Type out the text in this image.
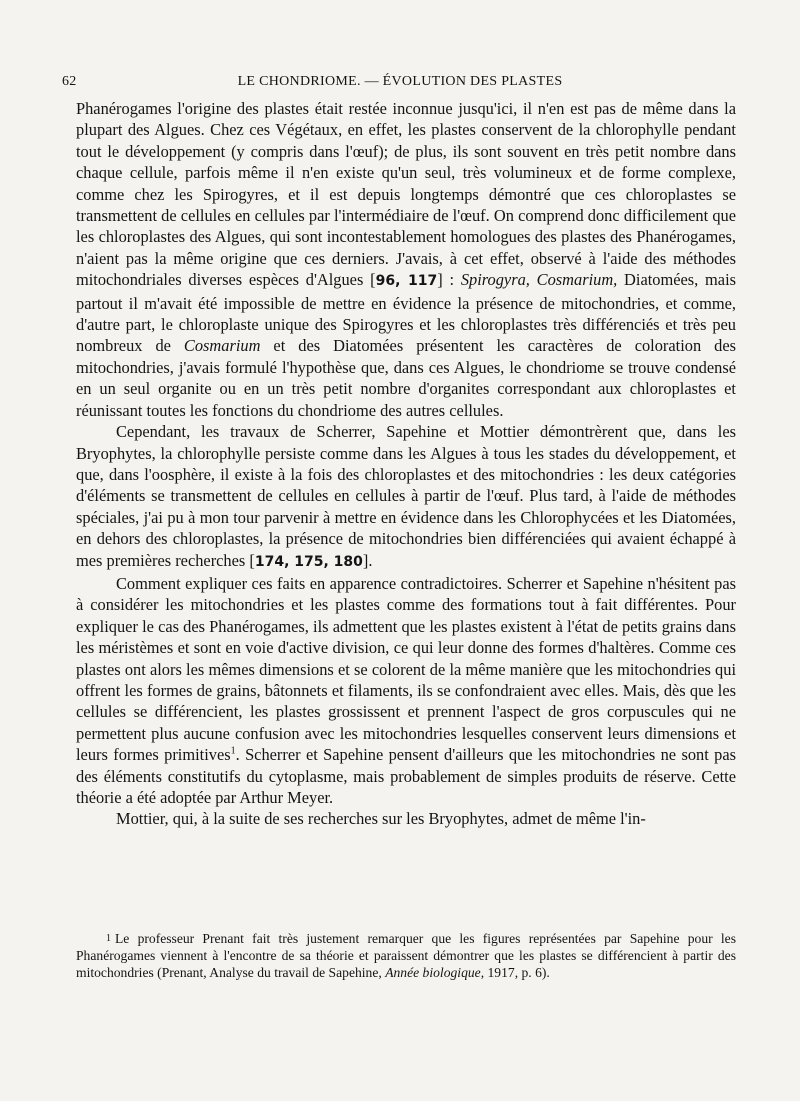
62	LE CHONDRIOME. — ÉVOLUTION DES PLASTES

Phanérogames l'origine des plastes était restée inconnue jusqu'ici, il n'en est pas de même dans la plupart des Algues. Chez ces Végétaux, en effet, les plastes conservent de la chlorophylle pendant tout le développement (y compris dans l'œuf); de plus, ils sont souvent en très petit nombre dans chaque cellule, parfois même il n'en existe qu'un seul, très volumineux et de forme complexe, comme chez les Spirogyres, et il est depuis longtemps démontré que ces chloroplastes se transmettent de cellules en cellules par l'intermédiaire de l'œuf. On comprend donc difficilement que les chloroplastes des Algues, qui sont incontestablement homologues des plastes des Phanérogames, n'aient pas la même origine que ces derniers. J'avais, à cet effet, observé à l'aide des méthodes mitochondriales diverses espèces d'Algues [96, 117] : Spirogyra, Cosmarium, Diatomées, mais partout il m'avait été impossible de mettre en évidence la présence de mitochondries, et comme, d'autre part, le chloroplaste unique des Spirogyres et les chloroplastes très différenciés et très peu nombreux de Cosmarium et des Diatomées présentent les caractères de coloration des mitochondries, j'avais formulé l'hypothèse que, dans ces Algues, le chondriome se trouve condensé en un seul organite ou en un très petit nombre d'organites correspondant aux chloroplastes et réunissant toutes les fonctions du chondriome des autres cellules.

Cependant, les travaux de Scherrer, Sapehine et Mottier démontrèrent que, dans les Bryophytes, la chlorophylle persiste comme dans les Algues à tous les stades du développement, et que, dans l'oosphère, il existe à la fois des chloroplastes et des mitochondries : les deux catégories d'éléments se transmettent de cellules en cellules à partir de l'œuf. Plus tard, à l'aide de méthodes spéciales, j'ai pu à mon tour parvenir à mettre en évidence dans les Chlorophycées et les Diatomées, en dehors des chloroplastes, la présence de mitochondries bien différenciées qui avaient échappé à mes premières recherches [174, 175, 180].

Comment expliquer ces faits en apparence contradictoires. Scherrer et Sapehine n'hésitent pas à considérer les mitochondries et les plastes comme des formations tout à fait différentes. Pour expliquer le cas des Phanérogames, ils admettent que les plastes existent à l'état de petits grains dans les méristèmes et sont en voie d'active division, ce qui leur donne des formes d'haltères. Comme ces plastes ont alors les mêmes dimensions et se colorent de la même manière que les mitochondries qui offrent les formes de grains, bâtonnets et filaments, ils se confondraient avec elles. Mais, dès que les cellules se différencient, les plastes grossissent et prennent l'aspect de gros corpuscules qui ne permettent plus aucune confusion avec les mitochondries lesquelles conservent leurs dimensions et leurs formes primitives$^1$. Scherrer et Sapehine pensent d'ailleurs que les mitochondries ne sont pas des éléments constitutifs du cytoplasme, mais probablement de simples produits de réserve. Cette théorie a été adoptée par Arthur Meyer.

Mottier, qui, à la suite de ses recherches sur les Bryophytes, admet de même l'in-

$^1$ Le professeur Prenant fait très justement remarquer que les figures représentées par Sapehine pour les Phanérogames viennent à l'encontre de sa théorie et paraissent démontrer que les plastes se différencient à partir des mitochondries (Prenant, Analyse du travail de Sapehine, Année biologique, 1917, p. 6).
